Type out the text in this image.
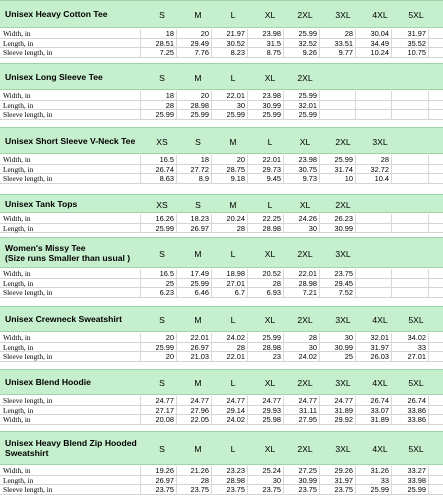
Unisex Heavy Cotton Tee	S	M	L	XL	2XL	3XL	4XL	5XL
Width, in	18	20	21.97	23.98	25.99	28	30.04	31.97
Length, in	28.51	29.49	30.52	31.5	32.52	33.51	34.49	35.52
Sleeve length, in	7.25	7.76	8.23	8.75	9.26	9.77	10.24	10.75
Unisex Long Sleeve Tee	S	M	L	XL	2XL
Width, in	18	20	22.01	23.98	25.99
Length, in	28	28.98	30	30.99	32.01
Sleeve length, in	25.99	25.99	25.99	25.99	25.99
Unisex Short Sleeve V-Neck Tee	XS	S	M	L	XL	2XL	3XL
Width, in	16.5	18	20	22.01	23.98	25.99	28
Length, in	26.74	27.72	28.75	29.73	30.75	31.74	32.72
Sleeve length, in	8.63	8.9	9.18	9.45	9.73	10	10.4
Unisex Tank Tops	XS	S	M	L	XL	2XL
Width, in	16.26	18.23	20.24	22.25	24.26	26.23
Length, in	25.99	26.97	28	28.98	30	30.99
Women's Missy Tee
(Size runs Smaller than usual )	S	M	L	XL	2XL	3XL
Width, in	16.5	17.49	18.98	20.52	22.01	23.75
Length, in	25	25.99	27.01	28	28.98	29.45
Sleeve length, in	6.23	6.46	6.7	6.93	7.21	7.52
Unisex Crewneck Sweatshirt	S	M	L	XL	2XL	3XL	4XL	5XL
Width, in	20	22.01	24.02	25.99	28	30	32.01	34.02
Length, in	25.99	26.97	28	28.98	30	30.99	31.97	33
Sleeve length, in	20	21.03	22.01	23	24.02	25	26.03	27.01
Unisex Blend Hoodie	S	M	L	XL	2XL	3XL	4XL	5XL
Sleeve length, in	24.77	24.77	24.77	24.77	24.77	24.77	26.74	26.74
Length, in	27.17	27.96	29.14	29.93	31.11	31.89	33.07	33.86
Width, in	20.08	22.05	24.02	25.98	27.95	29.92	31.89	33.86
Unisex Heavy Blend Zip Hooded
Sweatshirt	S	M	L	XL	2XL	3XL	4XL	5XL
Width, in	19.26	21.26	23.23	25.24	27.25	29.26	31.26	33.27
Length, in	26.97	28	28.98	30	30.99	31.97	33	33.98
Sleeve length, in	23.75	23.75	23.75	23.75	23.75	23.75	25.99	25.99
